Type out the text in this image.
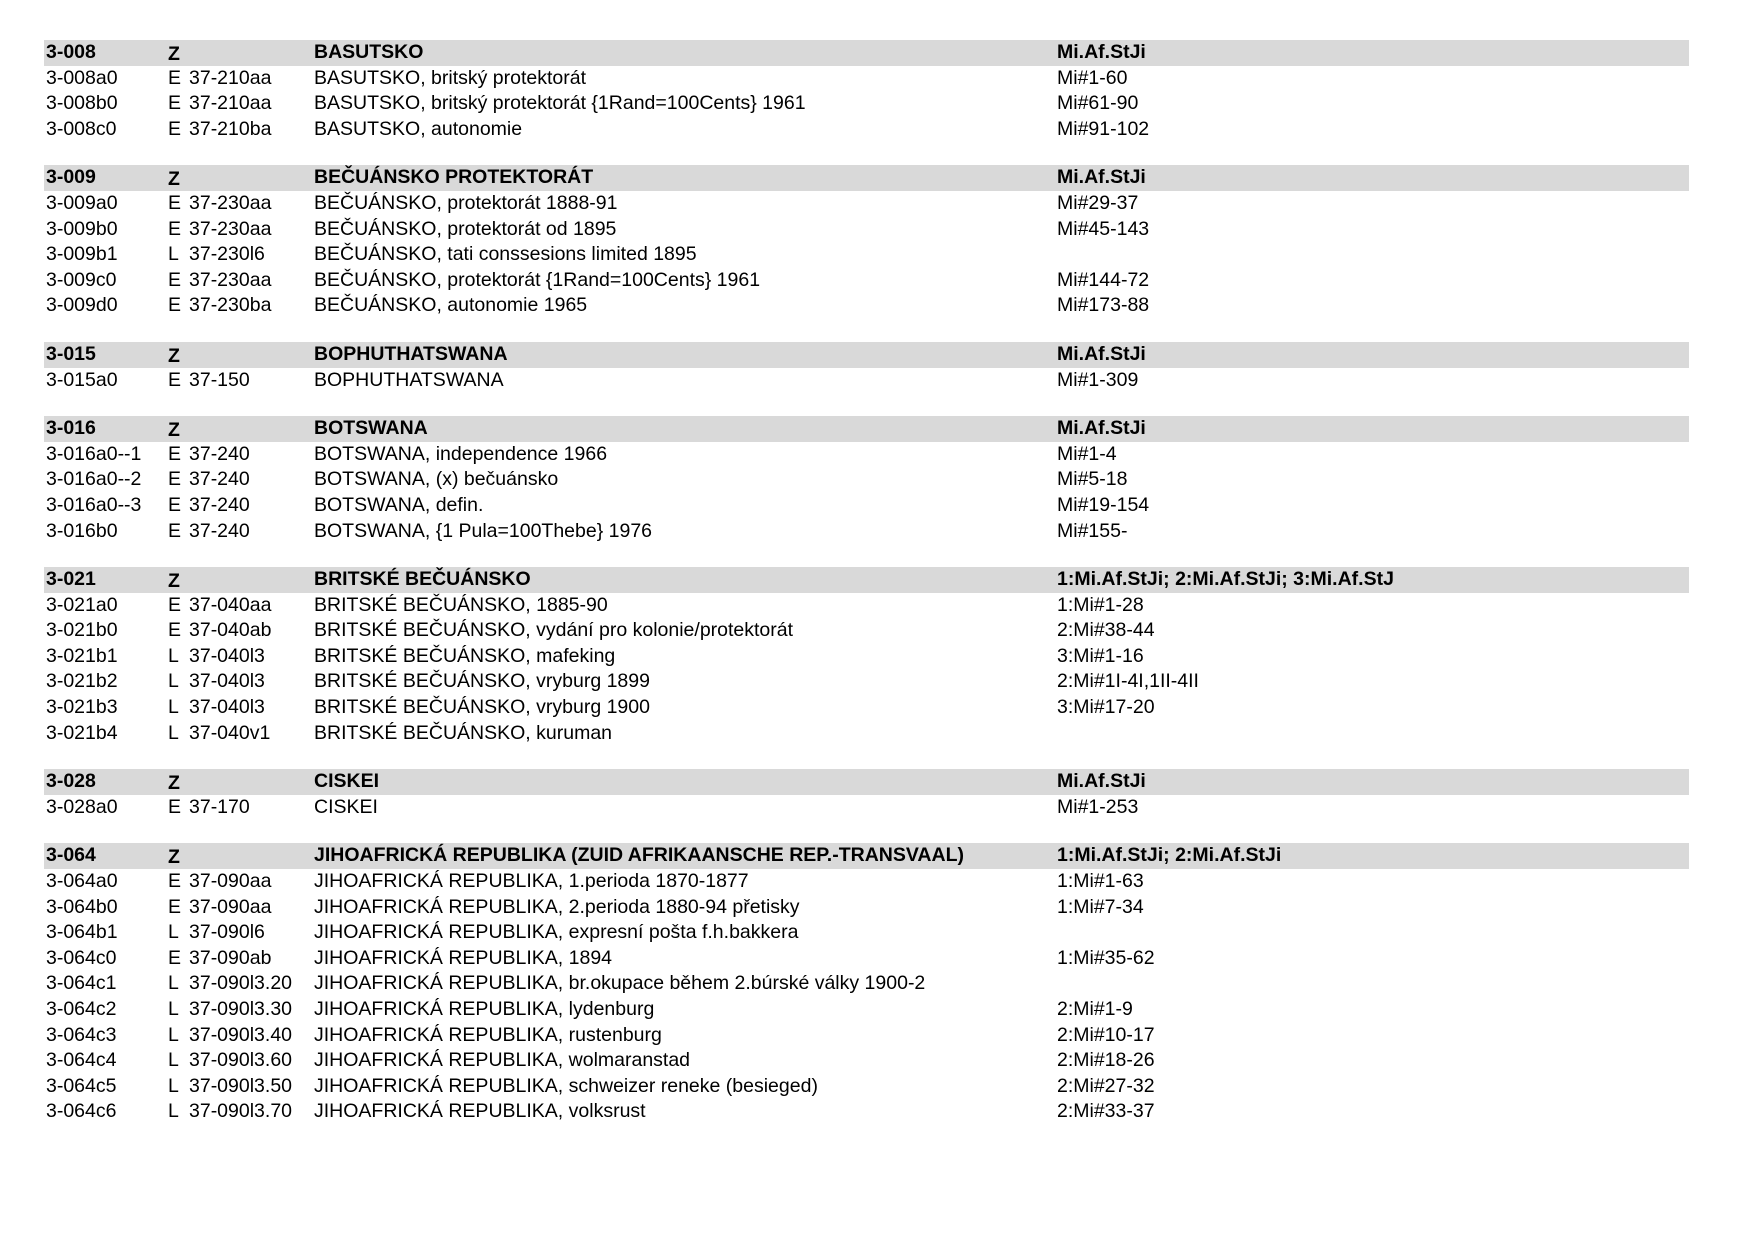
3-008	Z	BASUTSKO	Mi.Af.StJi
3-008a0	E 37-210aa	BASUTSKO, britský protektorát	Mi#1-60
3-008b0	E 37-210aa	BASUTSKO, britský protektorát {1Rand=100Cents} 1961	Mi#61-90
3-008c0	E 37-210ba	BASUTSKO, autonomie	Mi#91-102
3-009	Z	BEČUÁNSKO PROTEKTORÁT	Mi.Af.StJi
3-009a0	E 37-230aa	BEČUÁNSKO, protektorát 1888-91	Mi#29-37
3-009b0	E 37-230aa	BEČUÁNSKO, protektorát od 1895	Mi#45-143
3-009b1	L 37-230l6	BEČUÁNSKO, tati conssesions limited 1895
3-009c0	E 37-230aa	BEČUÁNSKO, protektorát {1Rand=100Cents} 1961	Mi#144-72
3-009d0	E 37-230ba	BEČUÁNSKO, autonomie 1965	Mi#173-88
3-015	Z	BOPHUTHATSWANA	Mi.Af.StJi
3-015a0	E 37-150	BOPHUTHATSWANA	Mi#1-309
3-016	Z	BOTSWANA	Mi.Af.StJi
3-016a0--1	E 37-240	BOTSWANA, independence 1966	Mi#1-4
3-016a0--2	E 37-240	BOTSWANA, (x) bečuánsko	Mi#5-18
3-016a0--3	E 37-240	BOTSWANA, defin.	Mi#19-154
3-016b0	E 37-240	BOTSWANA, {1 Pula=100Thebe} 1976	Mi#155-
3-021	Z	BRITSKÉ BEČUÁNSKO	1:Mi.Af.StJi; 2:Mi.Af.StJi; 3:Mi.Af.StJ
3-021a0	E 37-040aa	BRITSKÉ BEČUÁNSKO, 1885-90	1:Mi#1-28
3-021b0	E 37-040ab	BRITSKÉ BEČUÁNSKO, vydání pro kolonie/protektorát	2:Mi#38-44
3-021b1	L 37-040l3	BRITSKÉ BEČUÁNSKO, mafeking	3:Mi#1-16
3-021b2	L 37-040l3	BRITSKÉ BEČUÁNSKO, vryburg 1899	2:Mi#1I-4I,1II-4II
3-021b3	L 37-040l3	BRITSKÉ BEČUÁNSKO, vryburg 1900	3:Mi#17-20
3-021b4	L 37-040v1	BRITSKÉ BEČUÁNSKO, kuruman
3-028	Z	CISKEI	Mi.Af.StJi
3-028a0	E 37-170	CISKEI	Mi#1-253
3-064	Z	JIHOAFRICKÁ REPUBLIKA (ZUID AFRIKAANSCHE REP.-TRANSVAAL)	1:Mi.Af.StJi; 2:Mi.Af.StJi
3-064a0	E 37-090aa	JIHOAFRICKÁ REPUBLIKA, 1.perioda 1870-1877	1:Mi#1-63
3-064b0	E 37-090aa	JIHOAFRICKÁ REPUBLIKA, 2.perioda 1880-94 přetisky	1:Mi#7-34
3-064b1	L 37-090l6	JIHOAFRICKÁ REPUBLIKA, expresní pošta f.h.bakkera
3-064c0	E 37-090ab	JIHOAFRICKÁ REPUBLIKA, 1894	1:Mi#35-62
3-064c1	L 37-090l3.20	JIHOAFRICKÁ REPUBLIKA, br.okupace během 2.búrské války 1900-2
3-064c2	L 37-090l3.30	JIHOAFRICKÁ REPUBLIKA, lydenburg	2:Mi#1-9
3-064c3	L 37-090l3.40	JIHOAFRICKÁ REPUBLIKA, rustenburg	2:Mi#10-17
3-064c4	L 37-090l3.60	JIHOAFRICKÁ REPUBLIKA, wolmaranstad	2:Mi#18-26
3-064c5	L 37-090l3.50	JIHOAFRICKÁ REPUBLIKA, schweizer reneke (besieged)	2:Mi#27-32
3-064c6	L 37-090l3.70	JIHOAFRICKÁ REPUBLIKA, volksrust	2:Mi#33-37
